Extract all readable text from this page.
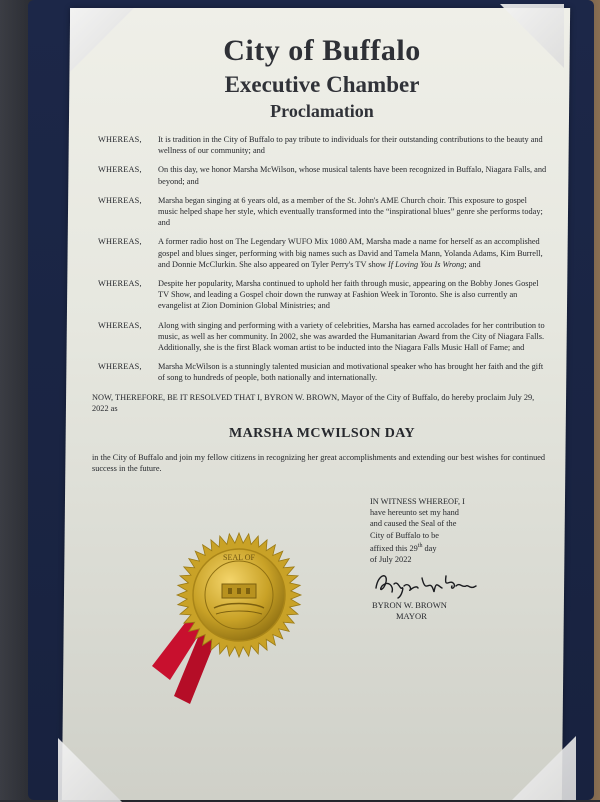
City of Buffalo
Executive Chamber
Proclamation
WHEREAS,	It is tradition in the City of Buffalo to pay tribute to individuals for their outstanding contributions to the beauty and wellness of our community; and
WHEREAS,	On this day, we honor Marsha McWilson, whose musical talents have been recognized in Buffalo, Niagara Falls, and beyond; and
WHEREAS,	Marsha began singing at 6 years old, as a member of the St. John's AME Church choir. This exposure to gospel music helped shape her style, which eventually transformed into the “inspirational blues” genre she performs today; and
WHEREAS,	A former radio host on The Legendary WUFO Mix 1080 AM, Marsha made a name for herself as an accomplished gospel and blues singer, performing with big names such as David and Tamela Mann, Yolanda Adams, Kim Burrell, and Donnie McClurkin. She also appeared on Tyler Perry's TV show If Loving You Is Wrong; and
WHEREAS,	Despite her popularity, Marsha continued to uphold her faith through music, appearing on the Bobby Jones Gospel TV Show, and leading a Gospel choir down the runway at Fashion Week in Toronto. She is also currently an evangelist at Zion Dominion Global Ministries; and
WHEREAS,	Along with singing and performing with a variety of celebrities, Marsha has earned accolades for her contribution to music, as well as her community. In 2002, she was awarded the Humanitarian Award from the City of Niagara Falls. Additionally, she is the first Black woman artist to be inducted into the Niagara Falls Music Hall of Fame; and
WHEREAS,	Marsha McWilson is a stunningly talented musician and motivational speaker who has brought her faith and the gift of song to hundreds of people, both nationally and internationally.
NOW, THEREFORE, BE IT RESOLVED THAT I, BYRON W. BROWN, Mayor of the City of Buffalo, do hereby proclaim July 29, 2022 as
MARSHA MCWILSON DAY
in the City of Buffalo and join my fellow citizens in recognizing her great accomplishments and extending our best wishes for continued success in the future.
IN WITNESS WHEREOF, I
have hereunto set my hand
and caused the Seal of the
City of Buffalo to be
affixed this 29th day
of July 2022
BYRON W. BROWN
MAYOR
SEAL OF
